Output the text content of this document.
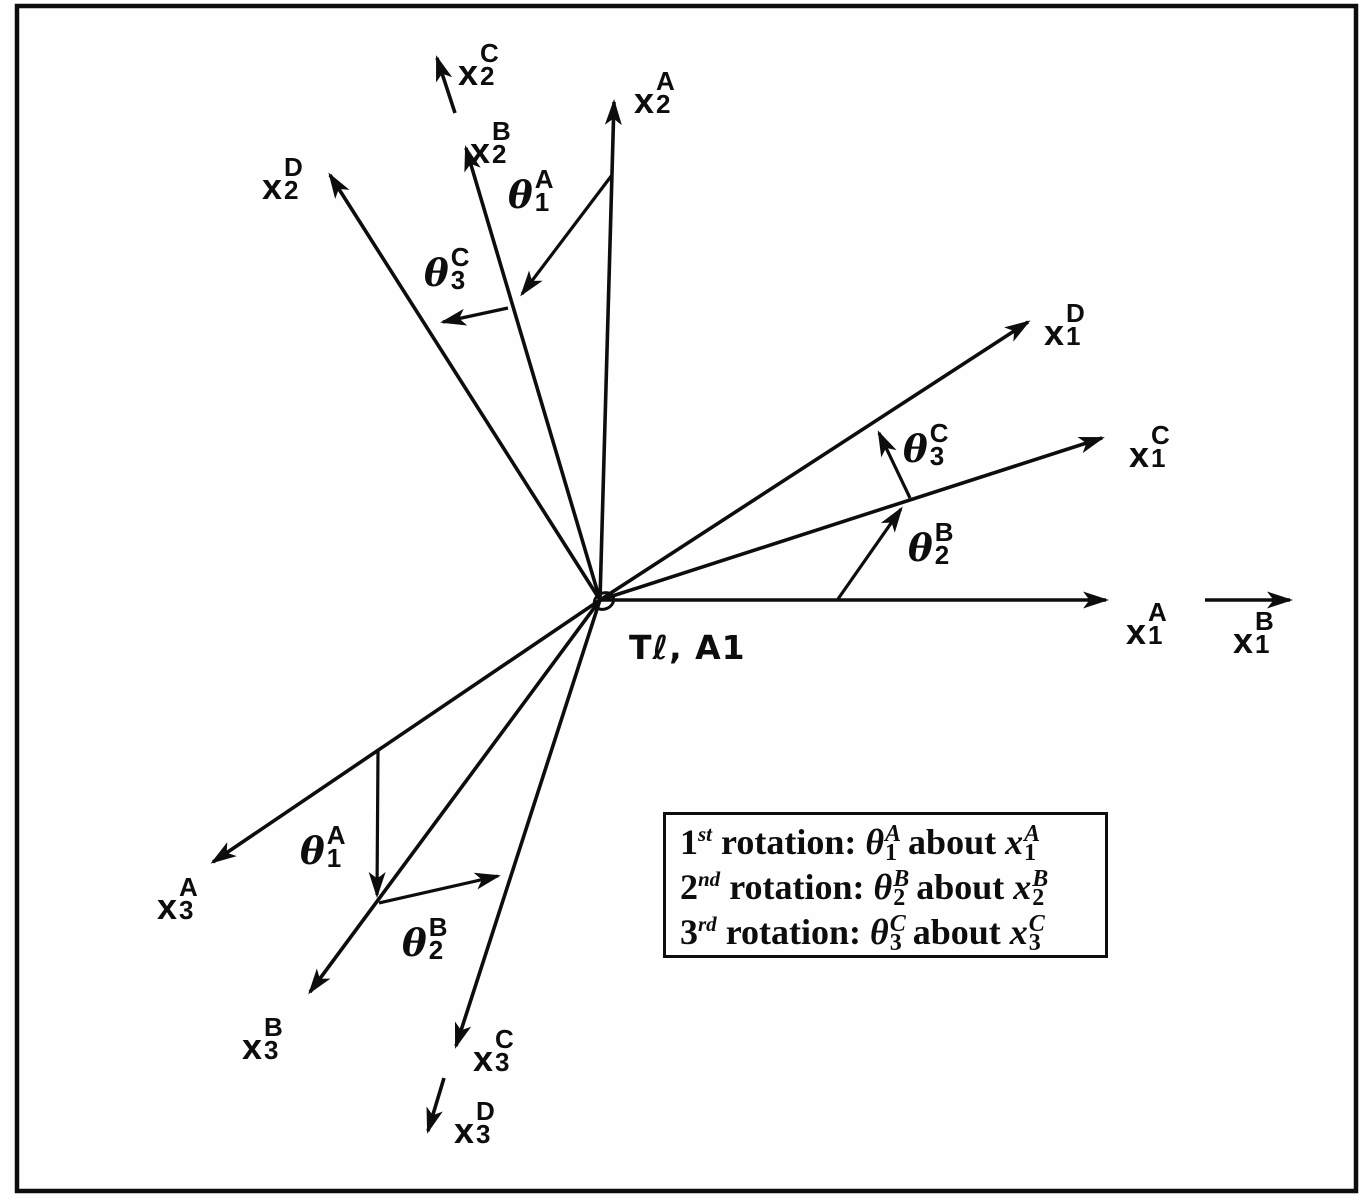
x C
2
x A
2
x B
2
x D
2
x D
1
x C
1
x A
1 x B
1
x A
3
x B
3	x C
3
x D
3
θ A
1
θ C
3
θ C
3
θ B
2
θ A
1
θ B
2
Tℓ, A1
1 st rotation: θ A
1 about x A
1
2 nd rotation: θ B
2 about x B
2
3 rd rotation: θ C
3 about x C
3
